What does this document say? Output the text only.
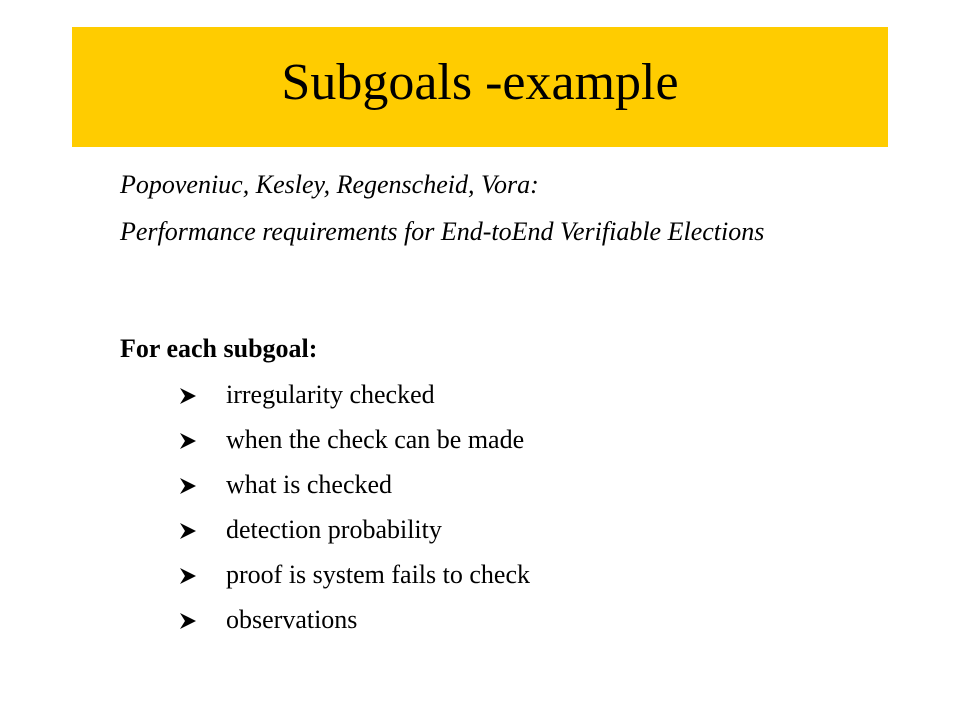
Subgoals -example
Popoveniuc, Kesley, Regenscheid, Vora:
Performance requirements for End-toEnd Verifiable Elections
For each subgoal:
irregularity checked
when the check can be made
what is checked
detection probability
proof is system fails to check
observations
